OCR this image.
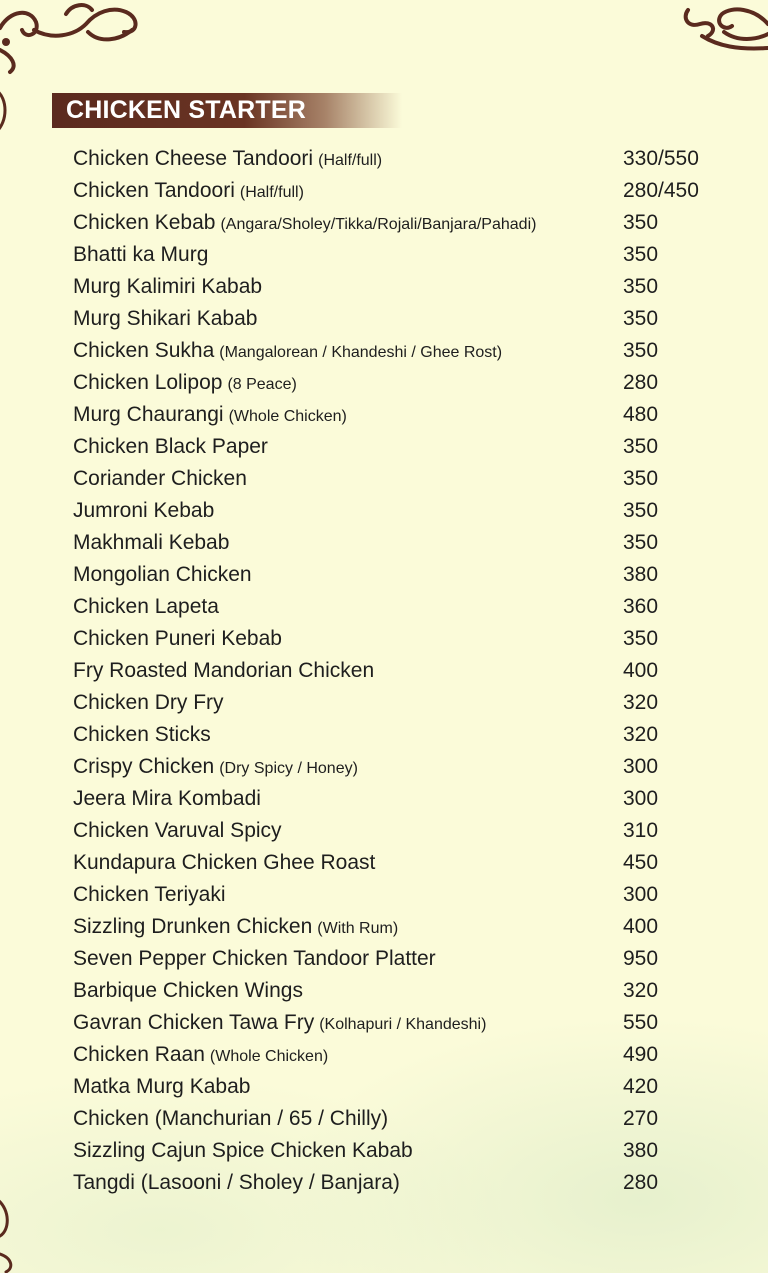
CHICKEN STARTER
Chicken Cheese Tandoori (Half/full)	330/550
Chicken Tandoori (Half/full)	280/450
Chicken Kebab (Angara/Sholey/Tikka/Rojali/Banjara/Pahadi)	350
Bhatti ka Murg	350
Murg Kalimiri Kabab	350
Murg Shikari Kabab	350
Chicken Sukha (Mangalorean / Khandeshi / Ghee Rost)	350
Chicken Lolipop (8 Peace)	280
Murg Chaurangi (Whole Chicken)	480
Chicken Black Paper	350
Coriander Chicken	350
Jumroni Kebab	350
Makhmali Kebab	350
Mongolian Chicken	380
Chicken Lapeta	360
Chicken Puneri Kebab	350
Fry Roasted Mandorian Chicken	400
Chicken Dry Fry	320
Chicken Sticks	320
Crispy Chicken (Dry Spicy / Honey)	300
Jeera Mira Kombadi	300
Chicken Varuval Spicy	310
Kundapura Chicken Ghee Roast	450
Chicken Teriyaki	300
Sizzling Drunken Chicken (With Rum)	400
Seven Pepper Chicken Tandoor Platter	950
Barbique Chicken Wings	320
Gavran Chicken Tawa Fry (Kolhapuri / Khandeshi)	550
Chicken Raan (Whole Chicken)	490
Matka Murg Kabab	420
Chicken (Manchurian / 65 / Chilly)	270
Sizzling Cajun Spice Chicken Kabab	380
Tangdi (Lasooni / Sholey / Banjara)	280
